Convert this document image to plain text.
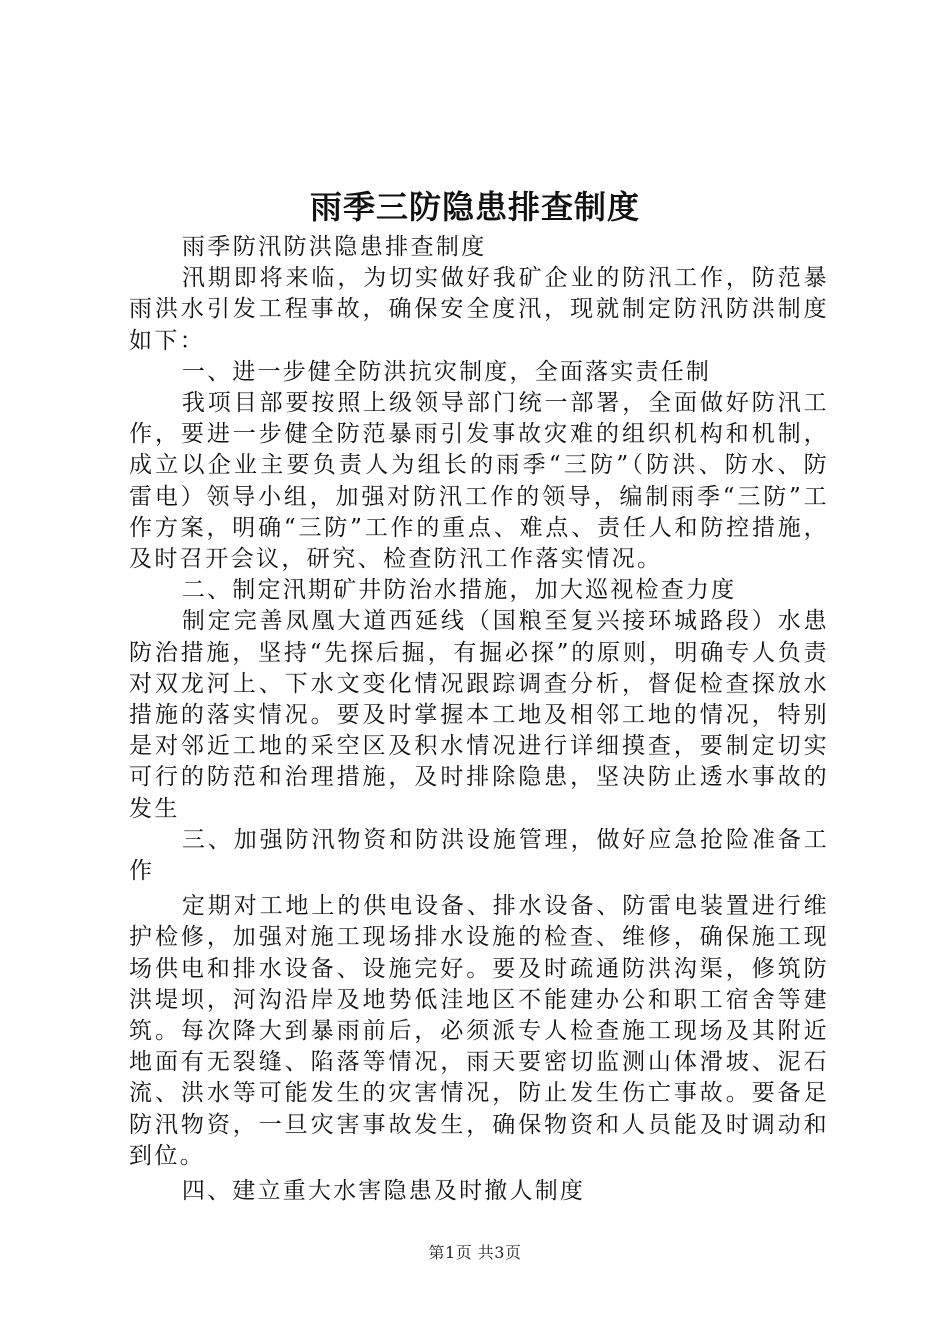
雨季三防隐患排查制度

雨季防汛防洪隐患排查制度

汛期即将来临，为切实做好我矿企业的防汛工作，防范暴雨洪水引发工程事故，确保安全度汛，现就制定防汛防洪制度如下：

一、进一步健全防洪抗灾制度，全面落实责任制

我项目部要按照上级领导部门统一部署，全面做好防汛工作，要进一步健全防范暴雨引发事故灾难的组织机构和机制，成立以企业主要负责人为组长的雨季“三防”（防洪、防水、防雷电）领导小组，加强对防汛工作的领导，编制雨季“三防”工作方案，明确“三防”工作的重点、难点、责任人和防控措施，及时召开会议，研究、检查防汛工作落实情况。

二、制定汛期矿井防治水措施，加大巡视检查力度

制定完善凤凰大道西延线（国粮至复兴接环城路段）水患防治措施，坚持“先探后掘，有掘必探”的原则，明确专人负责对双龙河上、下水文变化情况跟踪调查分析，督促检查探放水措施的落实情况。要及时掌握本工地及相邻工地的情况，特别是对邻近工地的采空区及积水情况进行详细摸查，要制定切实可行的防范和治理措施，及时排除隐患，坚决防止透水事故的发生

三、加强防汛物资和防洪设施管理，做好应急抢险准备工作

定期对工地上的供电设备、排水设备、防雷电装置进行维护检修，加强对施工现场排水设施的检查、维修，确保施工现场供电和排水设备、设施完好。要及时疏通防洪沟渠，修筑防洪堤坝，河沟沿岸及地势低洼地区不能建办公和职工宿舍等建筑。每次降大到暴雨前后，必须派专人检查施工现场及其附近地面有无裂缝、陷落等情况，雨天要密切监测山体滑坡、泥石流、洪水等可能发生的灾害情况，防止发生伤亡事故。要备足防汛物资，一旦灾害事故发生，确保物资和人员能及时调动和到位。

四、建立重大水害隐患及时撤人制度

第1页 共3页
